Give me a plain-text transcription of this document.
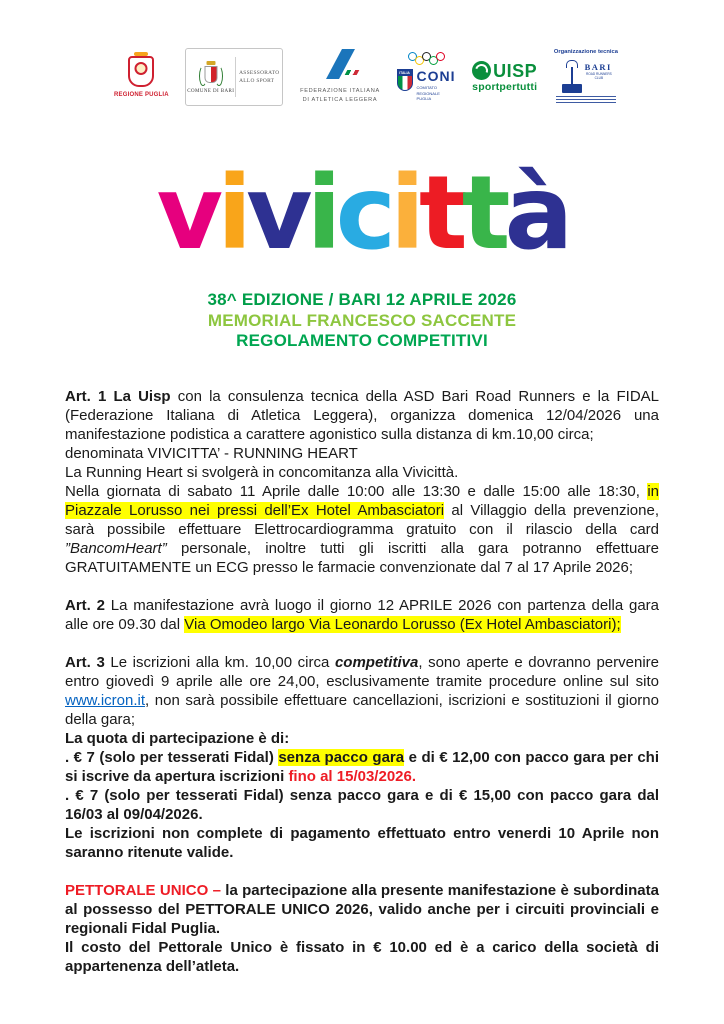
REGIONE PUGLIA
COMUNE DI BARI
ASSESSORATO ALLO SPORT
FEDERAZIONE ITALIANA
DI ATLETICA LEGGERA
ITALIA CONI
COMITATO REGIONALE PUGLIA
UISP
sportpertutti
Organizzazione tecnica
BARI
ROAD RUNNERS CLUB
vivicittà
38^ EDIZIONE / BARI 12 APRILE 2026
MEMORIAL FRANCESCO SACCENTE
REGOLAMENTO COMPETITIVI

Art. 1 La Uisp con la consulenza tecnica della ASD Bari Road Runners e la FIDAL (Federazione Italiana di Atletica Leggera), organizza domenica 12/04/2026 una manifestazione podistica a carattere agonistico sulla distanza di km.10,00 circa;
denominata VIVICITTA’ - RUNNING HEART
La Running Heart si svolgerà in concomitanza alla Vivicittà.
Nella giornata di sabato 11 Aprile dalle 10:00 alle 13:30 e dalle 15:00 alle 18:30, in Piazzale Lorusso nei pressi dell’Ex Hotel Ambasciatori al Villaggio della prevenzione, sarà possibile effettuare Elettrocardiogramma gratuito con il rilascio della card ”BancomHeart” personale, inoltre tutti gli iscritti alla gara potranno effettuare GRATUITAMENTE un ECG presso le farmacie convenzionate dal 7 al 17 Aprile 2026;

Art. 2 La manifestazione avrà luogo il giorno 12 APRILE 2026 con partenza della gara alle ore 09.30 dal Via Omodeo largo Via Leonardo Lorusso (Ex Hotel Ambasciatori);

Art. 3 Le iscrizioni alla km. 10,00 circa competitiva, sono aperte e dovranno pervenire entro giovedì 9 aprile alle ore 24,00, esclusivamente tramite procedure online sul sito www.icron.it, non sarà possibile effettuare cancellazioni, iscrizioni e sostituzioni il giorno della gara;
La quota di partecipazione è di:
. € 7 (solo per tesserati Fidal) senza pacco gara e di € 12,00 con pacco gara per chi si iscrive da apertura iscrizioni fino al 15/03/2026.
. € 7 (solo per tesserati Fidal) senza pacco gara e di € 15,00 con pacco gara dal 16/03 al 09/04/2026.
Le iscrizioni non complete di pagamento effettuato entro venerdi 10 Aprile non saranno ritenute valide.

PETTORALE UNICO – la partecipazione alla presente manifestazione è subordinata al possesso del PETTORALE UNICO 2026, valido anche per i circuiti provinciali e regionali Fidal Puglia.
Il costo del Pettorale Unico è fissato in € 10.00 ed è a carico della società di appartenenza dell’atleta.
